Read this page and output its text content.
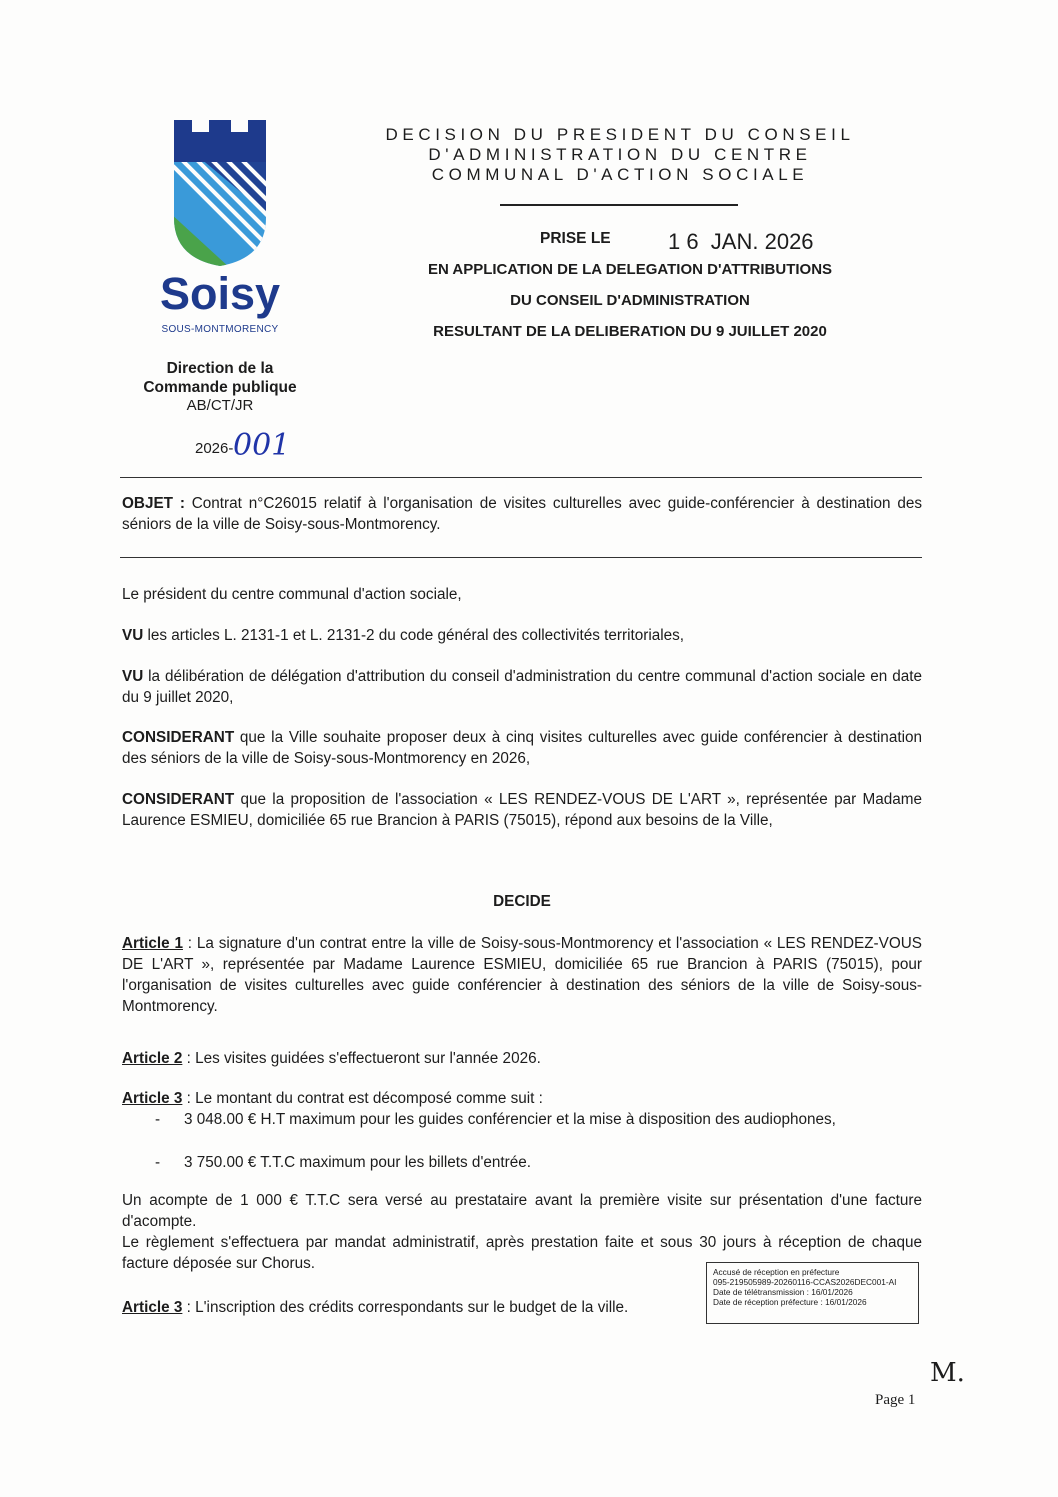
Soisy
SOUS-MONTMORENCY
Direction de la
Commande publique
AB/CT/JR
2026- 001
DECISION DU PRESIDENT DU CONSEIL
D'ADMINISTRATION DU CENTRE
COMMUNAL D'ACTION SOCIALE
PRISE LE	1 6  JAN. 2026
EN APPLICATION DE LA DELEGATION D'ATTRIBUTIONS
DU CONSEIL D'ADMINISTRATION
RESULTANT DE LA DELIBERATION DU 9 JUILLET 2020
OBJET : Contrat n°C26015 relatif à l'organisation de visites culturelles avec guide-conférencier à destination des séniors de la ville de Soisy-sous-Montmorency.
Le président du centre communal d'action sociale,
VU les articles L. 2131-1 et L. 2131-2 du code général des collectivités territoriales,
VU la délibération de délégation d'attribution du conseil d'administration du centre communal d'action sociale en date du 9 juillet 2020,
CONSIDERANT que la Ville souhaite proposer deux à cinq visites culturelles avec guide conférencier à destination des séniors de la ville de Soisy-sous-Montmorency en 2026,
CONSIDERANT que la proposition de l'association « LES RENDEZ-VOUS DE L'ART », représentée par Madame Laurence ESMIEU, domiciliée 65 rue Brancion à PARIS (75015), répond aux besoins de la Ville,
DECIDE
Article 1 : La signature d'un contrat entre la ville de Soisy-sous-Montmorency et l'association « LES RENDEZ-VOUS DE L'ART », représentée par Madame Laurence ESMIEU, domiciliée 65 rue Brancion à PARIS (75015), pour l'organisation de visites culturelles avec guide conférencier à destination des séniors de la ville de Soisy-sous-Montmorency.
Article 2 : Les visites guidées s'effectueront sur l'année 2026.
Article 3 : Le montant du contrat est décomposé comme suit :
-	3 048.00 € H.T maximum pour les guides conférencier et la mise à disposition des audiophones,
-	3 750.00 € T.T.C maximum pour les billets d'entrée.
Un acompte de 1 000 € T.T.C sera versé au prestataire avant la première visite sur présentation d'une facture d'acompte.
Le règlement s'effectuera par mandat administratif, après prestation faite et sous 30 jours à réception de chaque facture déposée sur Chorus.
Article 3 : L'inscription des crédits correspondants sur le budget de la ville.
Accusé de réception en préfecture
095-219505989-20260116-CCAS2026DEC001-AI
Date de télétransmission : 16/01/2026
Date de réception préfecture : 16/01/2026
M.
Page 1
